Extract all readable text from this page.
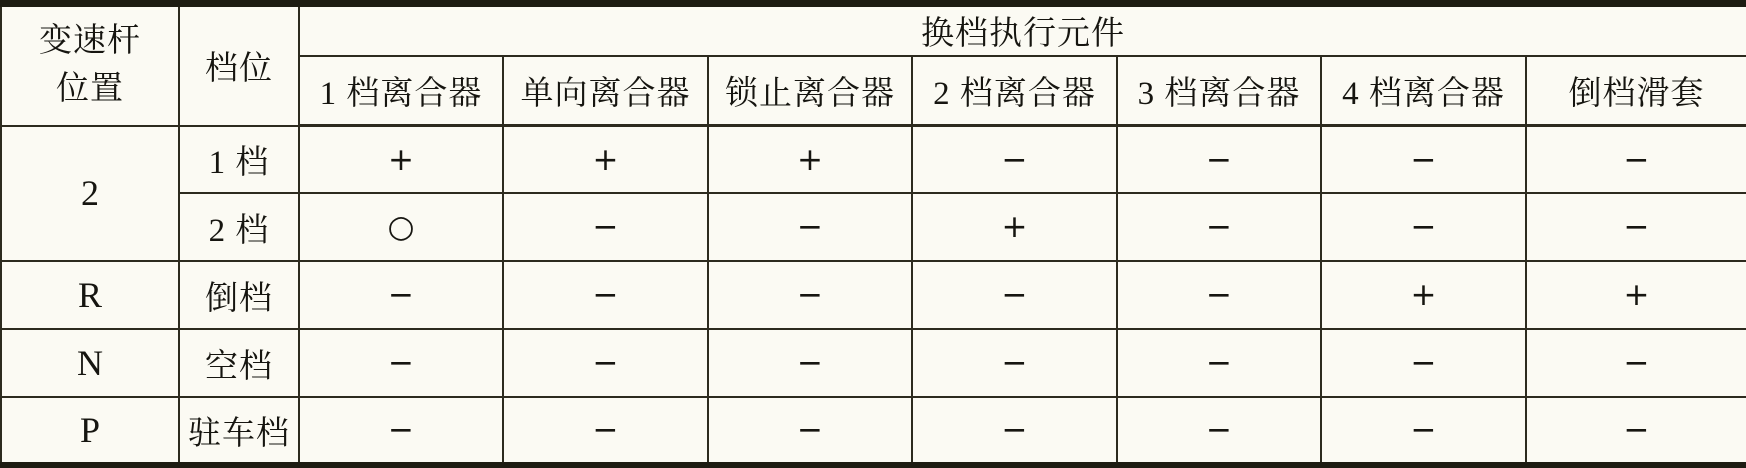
变速杆
位置	档位	换档执行元件						
		1 档离合器	单向离合器	锁止离合器	2 档离合器	3 档离合器	4 档离合器	倒档滑套
2	1 档	+	+	+	−	−	−	−
	2 档	○	−	−	+	−	−	−
R	倒档	−	−	−	−	−	+	+
N	空档	−	−	−	−	−	−	−
P	驻车档	−	−	−	−	−	−	−
